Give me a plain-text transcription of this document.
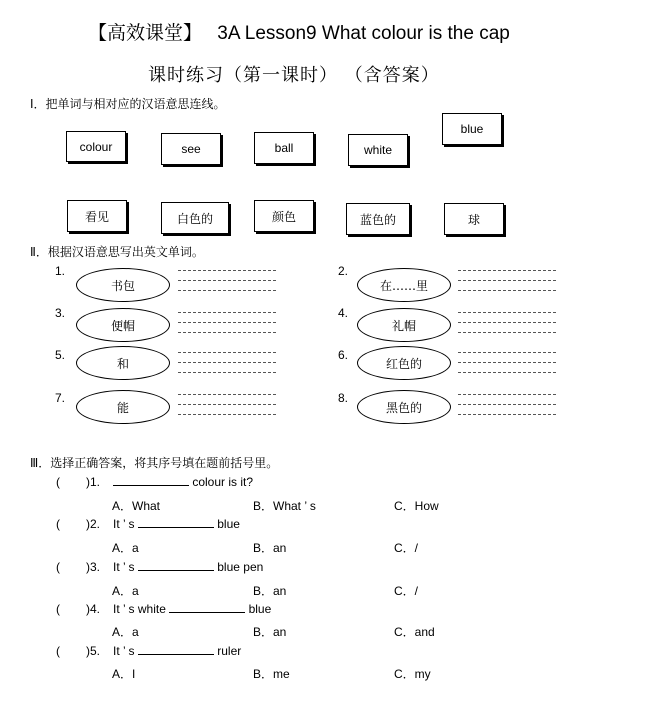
【高效课堂】 3A Lesson9 What colour is the cap
课时练习（第一课时） （含答案）
Ⅰ．把单词与相对应的汉语意思连线。
colour	see	ball	white
blue
看见	白色的	颜色	蓝色的	球
Ⅱ．根据汉语意思写出英文单词。
1.
书包
3.
便帽
5.
和
7.
能
2.
在……里
4.
礼帽
6.
红色的
8.
黑色的
Ⅲ．选择正确答案，将其序号填在题前括号里。
( )1.	colour is it?
A．What	B．What ’ s	C．How
( )2. It ’ s	blue
A．a	B．an	C．/
( )3. It ’ s	blue pen
A．a	B．an	C．/
( )4. It ’ s white	blue
A．a	B．an	C．and
( )5. It ’ s	ruler
A．I	B．me	C．my
